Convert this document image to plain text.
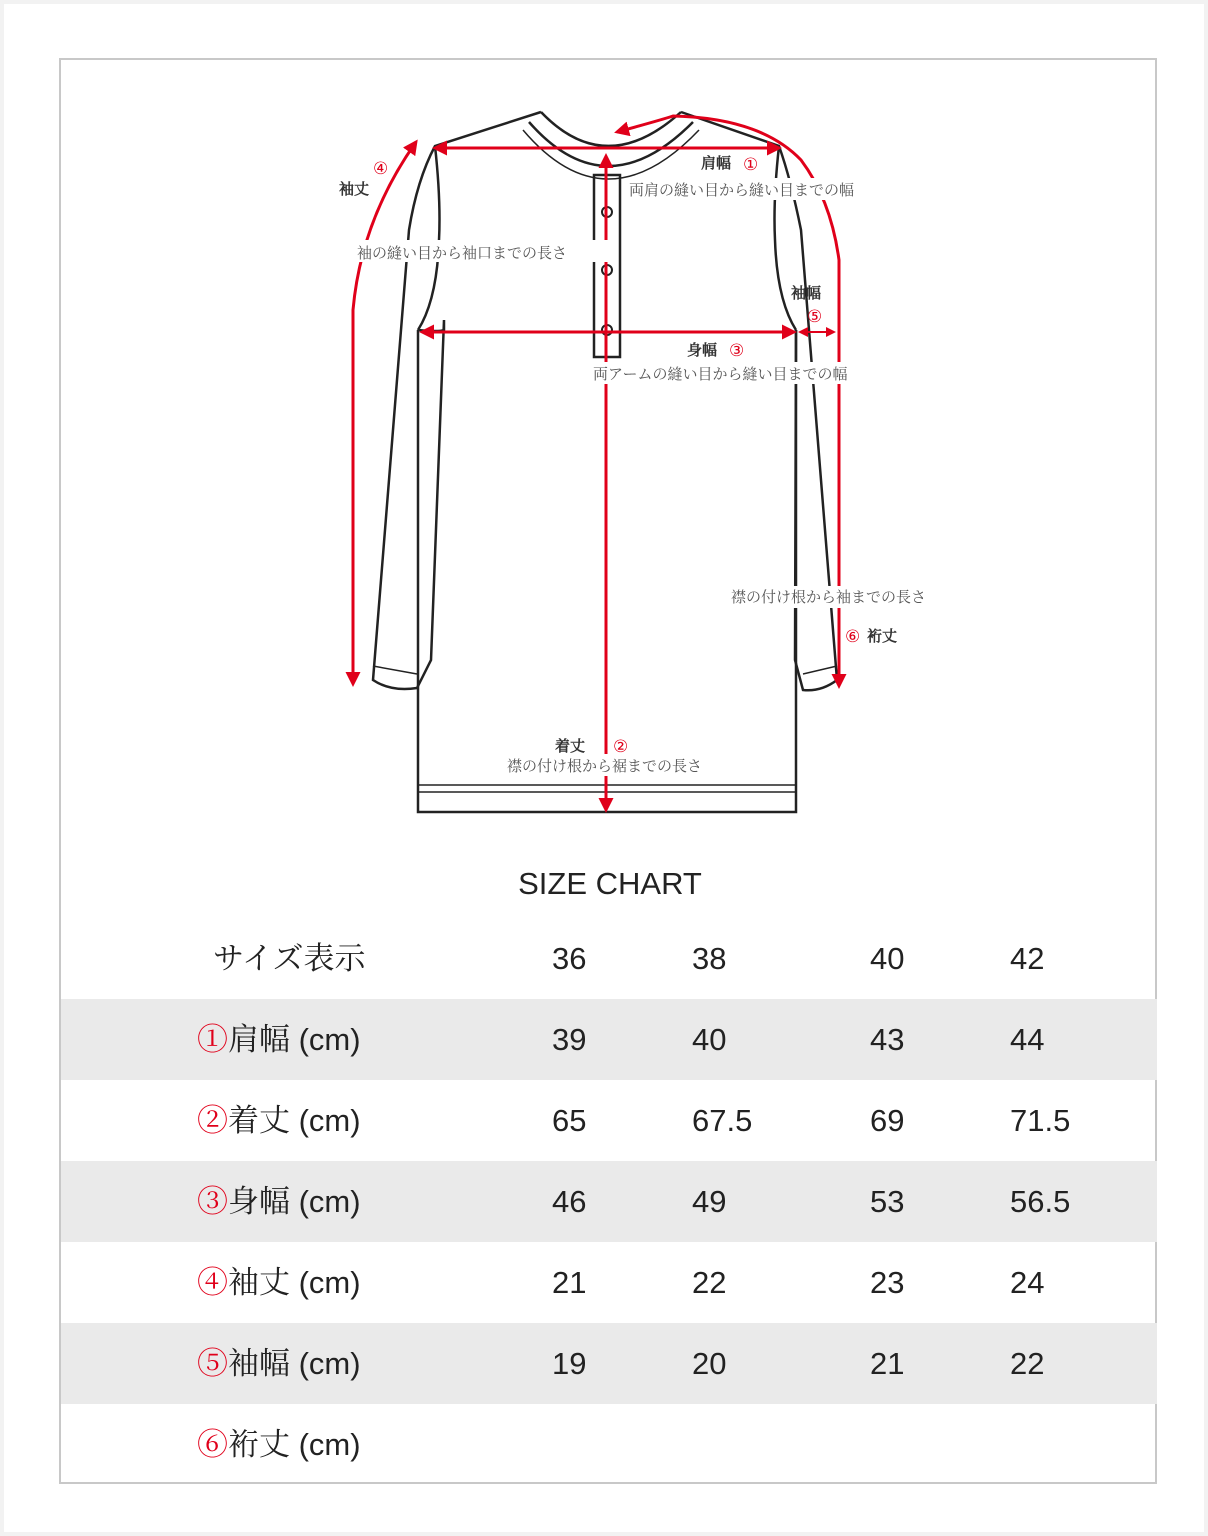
肩幅 ①
両肩の縫い目から縫い目までの幅
④
袖丈
袖の縫い目から袖口までの長さ
袖幅
⑤
身幅 ③
両アームの縫い目から縫い目までの幅
襟の付け根から袖までの長さ
⑥ 裄丈
着丈 ②
襟の付け根から裾までの長さ
SIZE CHART
サイズ表示	36	38	40	42
①肩幅 (cm)	39	40	43	44
②着丈 (cm)	65	67.5	69	71.5
③身幅 (cm)	46	49	53	56.5
④袖丈 (cm)	21	22	23	24
⑤袖幅 (cm)	19	20	21	22
⑥裄丈 (cm)
